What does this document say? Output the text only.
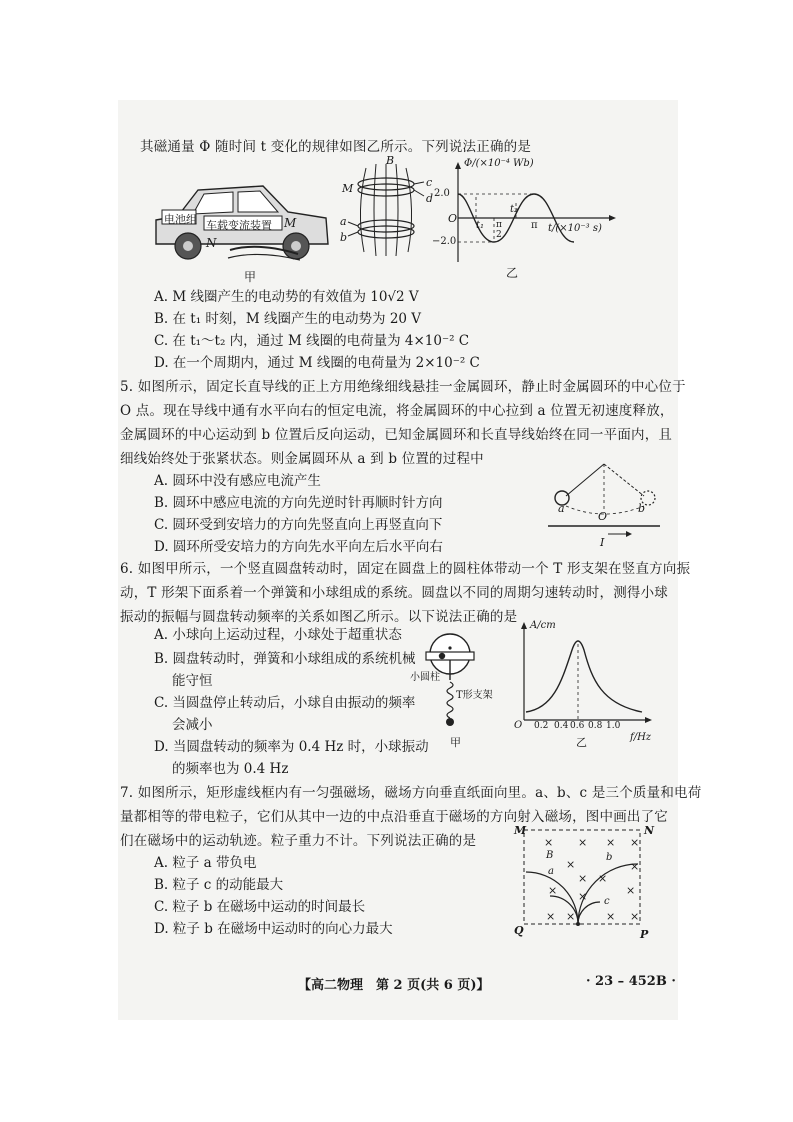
其磁通量 Φ 随时间 t 变化的规律如图乙所示。下列说法正确的是
电池组 车载变流装置 M
N
甲
B
M	c
d
a
b
Φ/(×10⁻⁴ Wb)
2.0
−2.0
O
t₁
t₂
π
2
π t/(×10⁻³ s)
乙
A. M 线圈产生的电动势的有效值为 10√2 V
B. 在 t₁ 时刻，M 线圈产生的电动势为 20 V
C. 在 t₁～t₂ 内，通过 M 线圈的电荷量为 4×10⁻² C
D. 在一个周期内，通过 M 线圈的电荷量为 2×10⁻² C
5. 如图所示，固定长直导线的正上方用绝缘细线悬挂一金属圆环，静止时金属圆环的中心位于
O 点。现在导线中通有水平向右的恒定电流，将金属圆环的中心拉到 a 位置无初速度释放，
金属圆环的中心运动到 b 位置后反向运动，已知金属圆环和长直导线始终在同一平面内，且
细线始终处于张紧状态。则金属圆环从 a 到 b 位置的过程中
A. 圆环中没有感应电流产生
B. 圆环中感应电流的方向先逆时针再顺时针方向
C. 圆环受到安培力的方向先竖直向上再竖直向下
D. 圆环所受安培力的方向先水平向左后水平向右
a
O
b
I
6. 如图甲所示，一个竖直圆盘转动时，固定在圆盘上的圆柱体带动一个 T 形支架在竖直方向振
动，T 形架下面系着一个弹簧和小球组成的系统。圆盘以不同的周期匀速转动时，测得小球
振动的振幅与圆盘转动频率的关系如图乙所示。以下说法正确的是
A. 小球向上运动过程，小球处于超重状态
B. 圆盘转动时，弹簧和小球组成的系统机械
能守恒
C. 当圆盘停止转动后，小球自由振动的频率
会减小
D. 当圆盘转动的频率为 0.4 Hz 时，小球振动
的频率也为 0.4 Hz
小圆柱
T形支架
甲
A/cm
O 0.2 0.4 0.6 0.8 1.0
乙	f/Hz
7. 如图所示，矩形虚线框内有一匀强磁场，磁场方向垂直纸面向里。a、b、c 是三个质量和电荷
量都相等的带电粒子，它们从其中一边的中点沿垂直于磁场的方向射入磁场，图中画出了它
们在磁场中的运动轨迹。粒子重力不计。下列说法正确的是
A. 粒子 a 带负电
B. 粒子 c 的动能最大
C. 粒子 b 在磁场中运动的时间最长
D. 粒子 b 在磁场中运动时的向心力最大
× × × ×
×
×
×
× ×	×
× ×	× ×
×
M	N
Q	P
B
a
b
c
【高二物理　第 2 页(共 6 页)】	· 23 – 452B ·
